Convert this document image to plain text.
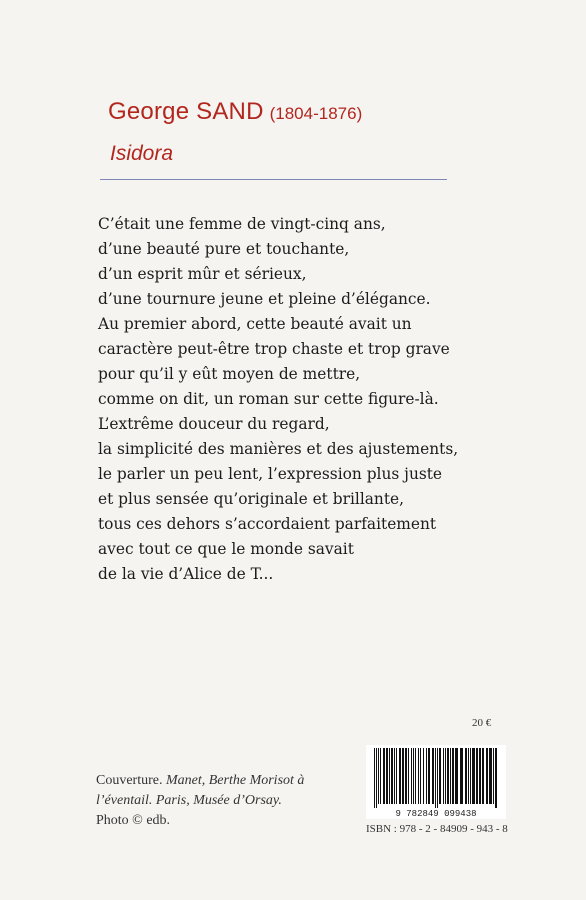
George SAND (1804-1876)
Isidora
C’était une femme de vingt-cinq ans,
d’une beauté pure et touchante,
d’un esprit mûr et sérieux,
d’une tournure jeune et pleine d’élégance.
Au premier abord, cette beauté avait un
caractère peut-être trop chaste et trop grave
pour qu’il y eût moyen de mettre,
comme on dit, un roman sur cette figure-là.
L’extrême douceur du regard,
la simplicité des manières et des ajustements,
le parler un peu lent, l’expression plus juste
et plus sensée qu’originale et brillante,
tous ces dehors s’accordaient parfaitement
avec tout ce que le monde savait
de la vie d’Alice de T...
20 €
9 782849 099438
ISBN : 978 - 2 - 84909 - 943 - 8
Couverture. Manet, Berthe Morisot à
l’éventail. Paris, Musée d’Orsay.
Photo © edb.
